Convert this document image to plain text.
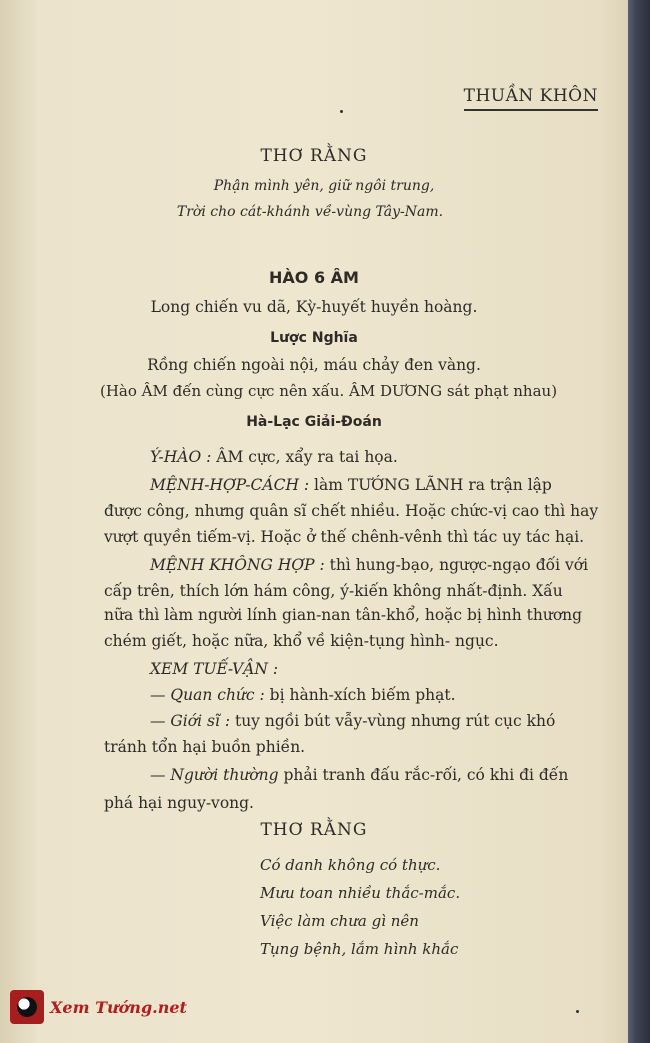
THUẦN KHÔN
THƠ RẰNG
Phận mình yên, giữ ngôi trung,
Trời cho cát-khánh về-vùng Tây-Nam.
HÀO 6 ÂM
Long chiến vu dã, Kỳ-huyết huyền hoàng.
Lược Nghĩa
Rồng chiến ngoài nội, máu chảy đen vàng.
(Hào ÂM đến cùng cực nên xấu. ÂM DƯƠNG sát phạt nhau)
Hà-Lạc Giải-Đoán
Ý-HÀO : ÂM cực, xẩy ra tai họa.
MỆNH-HỢP-CÁCH : làm TƯỚNG LÃNH ra trận lập
được công, nhưng quân sĩ chết nhiều. Hoặc chức-vị cao thì hay
vượt quyền tiếm-vị. Hoặc ở thế chênh-vênh thì tác uy tác hại.
MỆNH KHÔNG HỢP : thì hung-bạo, ngược-ngạo đối với
cấp trên, thích lớn hám công, ý-kiến không nhất-định. Xấu
nữa thì làm người lính gian-nan tân-khổ, hoặc bị hình thương
chém giết, hoặc nữa, khổ về kiện-tụng hình- ngục.
XEM TUẾ-VẬN :
— Quan chức : bị hành-xích biếm phạt.
— Giới sĩ : tuy ngồi bút vẫy-vùng nhưng rút cục khó
tránh tổn hại buồn phiền.
— Người thường phải tranh đấu rắc-rối, có khi đi đến
phá hại nguy-vong.
THƠ RẰNG
Có danh không có thực.
Mưu toan nhiều thắc-mắc.
Việc làm chưa gì nên
Tụng bệnh, lắm hình khắc
Xem Tướng.net
